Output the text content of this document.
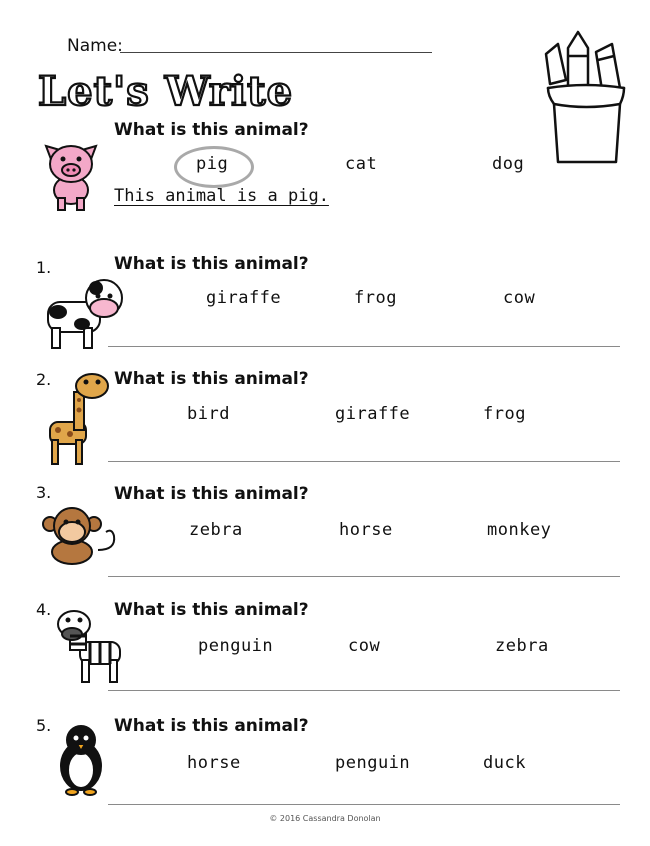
Name:
Let's Write
What is this animal?
pig	cat	dog
This animal is a pig.
1.	What is this animal?
giraffe	frog	cow
2.	What is this animal?
bird	giraffe	frog
3.	What is this animal?
zebra	horse	monkey
4.	What is this animal?
penguin	cow	zebra
5.	What is this animal?
horse	penguin	duck
© 2016 Cassandra Donolan
